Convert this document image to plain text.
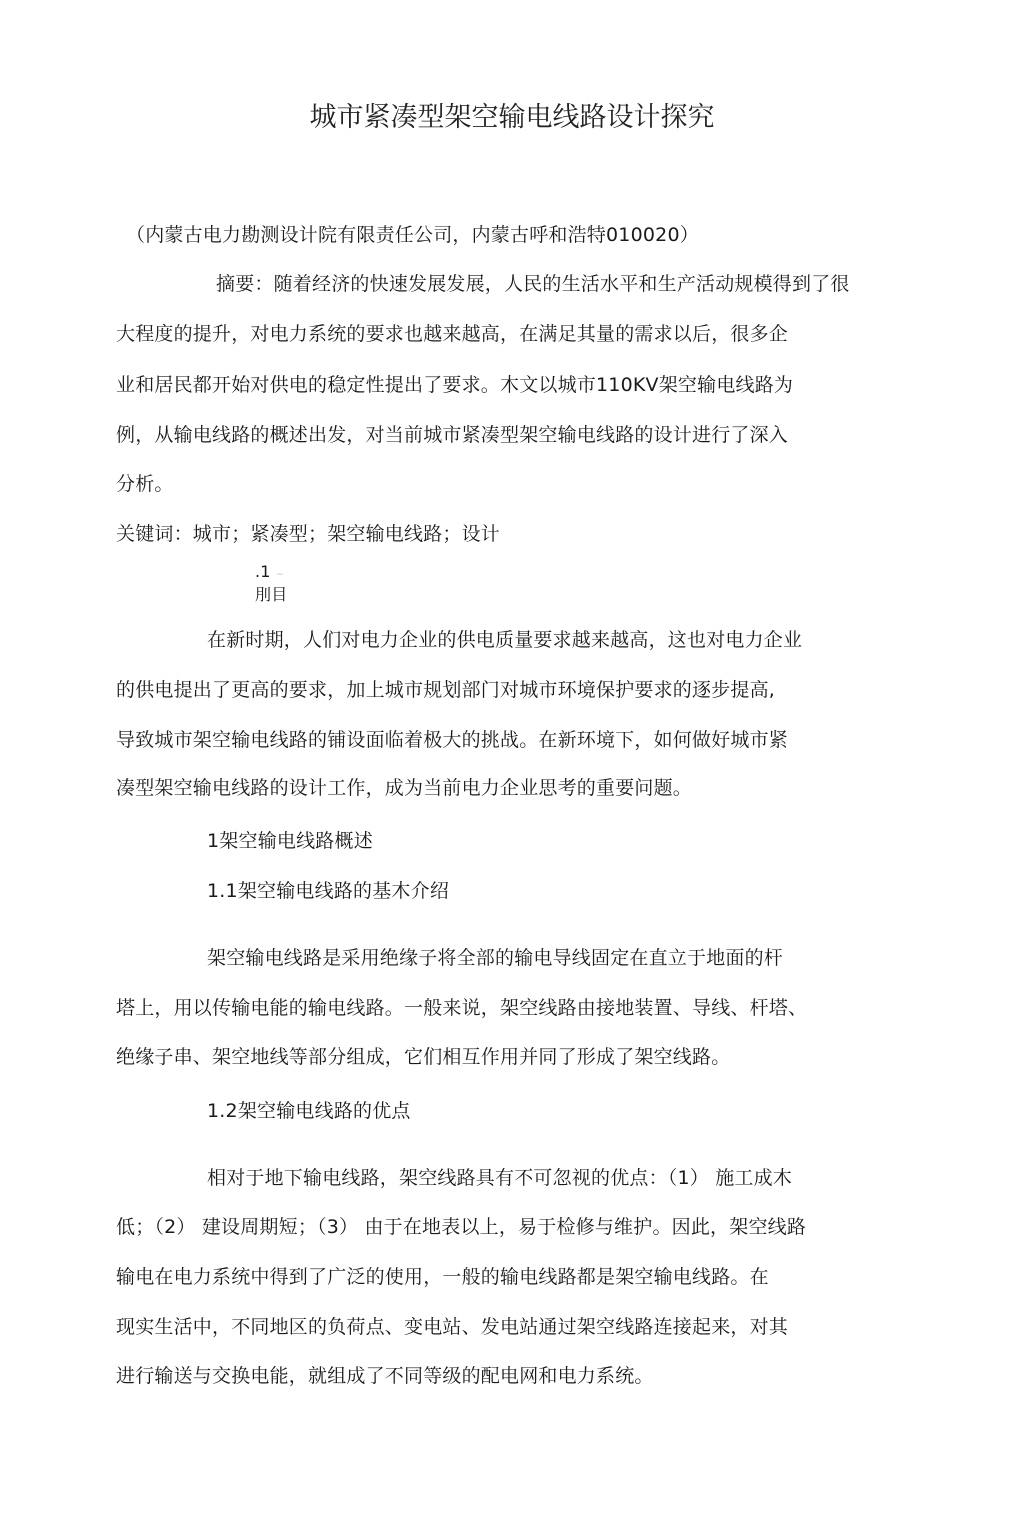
城市紧凑型架空输电线路设计探究
（内蒙古电力勘测设计院有限责任公司，内蒙古呼和浩特010020）
摘要：随着经济的快速发展发展，人民的生活水平和生产活动规模得到了很
大程度的提升，对电力系统的要求也越来越高，在满足其量的需求以后，很多企
业和居民都开始对供电的稳定性提出了要求。木文以城市110KV架空输电线路为
例，从输电线路的概述出发，对当前城市紧凑型架空输电线路的设计进行了深入
分析。
关键词：城市；紧凑型；架空输电线路；设计
.1 ~
刖目
在新时期，人们对电力企业的供电质量要求越来越高，这也对电力企业
的供电提出了更高的要求，加上城市规划部门对城市环境保护要求的逐步提高,
导致城市架空输电线路的铺设面临着极大的挑战。在新环境下，如何做好城市紧
凑型架空输电线路的设计工作，成为当前电力企业思考的重要问题。
1架空输电线路概述
1.1架空输电线路的基木介绍
架空输电线路是采用绝缘子将全部的输电导线固定在直立于地面的杆
塔上，用以传输电能的输电线路。一般来说，架空线路由接地装置、导线、杆塔、
绝缘子串、架空地线等部分组成，它们相互作用并同了形成了架空线路。
1.2架空输电线路的优点
相对于地下输电线路，架空线路具有不可忽视的优点：（1） 施工成木
低；（2） 建设周期短；（3） 由于在地表以上，易于检修与维护。因此，架空线路
输电在电力系统中得到了广泛的使用，一般的输电线路都是架空输电线路。在
现实生活中，不同地区的负荷点、变电站、发电站通过架空线路连接起来，对其
进行输送与交换电能，就组成了不同等级的配电网和电力系统。
